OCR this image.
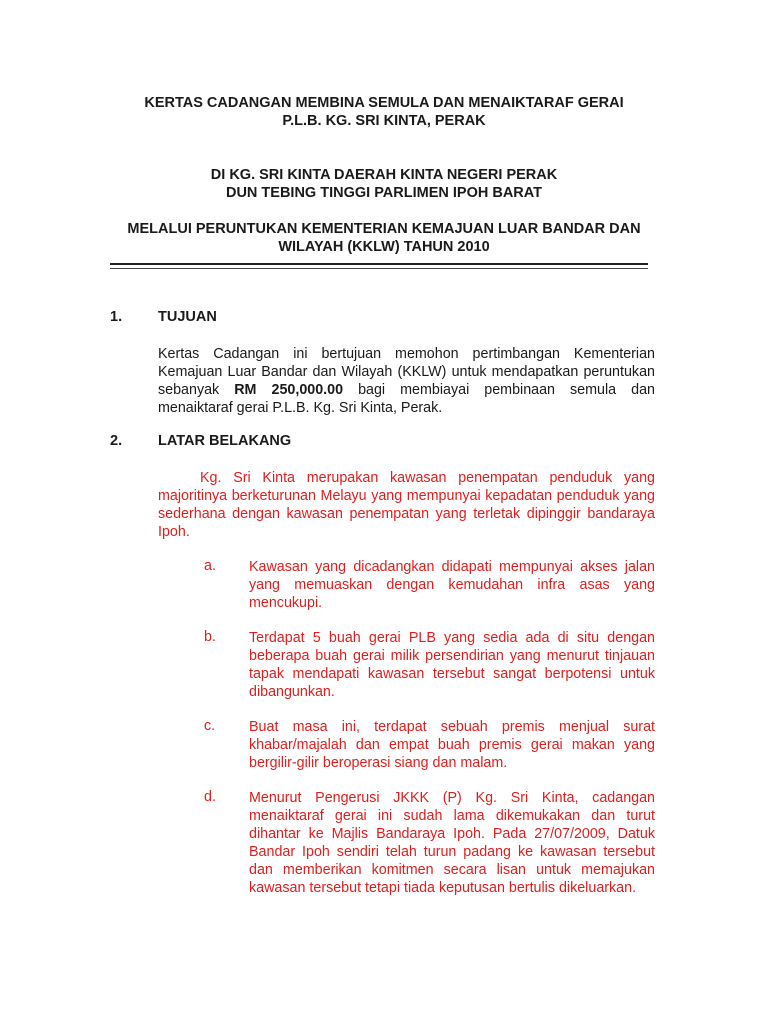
KERTAS CADANGAN MEMBINA SEMULA DAN MENAIKTARAF GERAI
P.L.B. KG. SRI KINTA, PERAK
DI KG. SRI KINTA DAERAH KINTA NEGERI PERAK
DUN TEBING TINGGI PARLIMEN IPOH BARAT
MELALUI PERUNTUKAN KEMENTERIAN KEMAJUAN LUAR BANDAR DAN
WILAYAH (KKLW) TAHUN 2010
1. TUJUAN
Kertas Cadangan ini bertujuan memohon pertimbangan Kementerian Kemajuan Luar Bandar dan Wilayah (KKLW) untuk mendapatkan peruntukan sebanyak RM 250,000.00 bagi membiayai pembinaan semula dan menaiktaraf gerai P.L.B. Kg. Sri Kinta, Perak.
2. LATAR BELAKANG
Kg. Sri Kinta merupakan kawasan penempatan penduduk yang majoritinya berketurunan Melayu yang mempunyai kepadatan penduduk yang sederhana dengan kawasan penempatan yang terletak dipinggir bandaraya Ipoh.
a. Kawasan yang dicadangkan didapati mempunyai akses jalan yang memuaskan dengan kemudahan infra asas yang mencukupi.
b. Terdapat 5 buah gerai PLB yang sedia ada di situ dengan beberapa buah gerai milik persendirian yang menurut tinjauan tapak mendapati kawasan tersebut sangat berpotensi untuk dibangunkan.
c. Buat masa ini, terdapat sebuah premis menjual surat khabar/majalah dan empat buah premis gerai makan yang bergilir-gilir beroperasi siang dan malam.
d. Menurut Pengerusi JKKK (P) Kg. Sri Kinta, cadangan menaiktaraf gerai ini sudah lama dikemukakan dan turut dihantar ke Majlis Bandaraya Ipoh. Pada 27/07/2009, Datuk Bandar Ipoh sendiri telah turun padang ke kawasan tersebut dan memberikan komitmen secara lisan untuk memajukan kawasan tersebut tetapi tiada keputusan bertulis dikeluarkan.
